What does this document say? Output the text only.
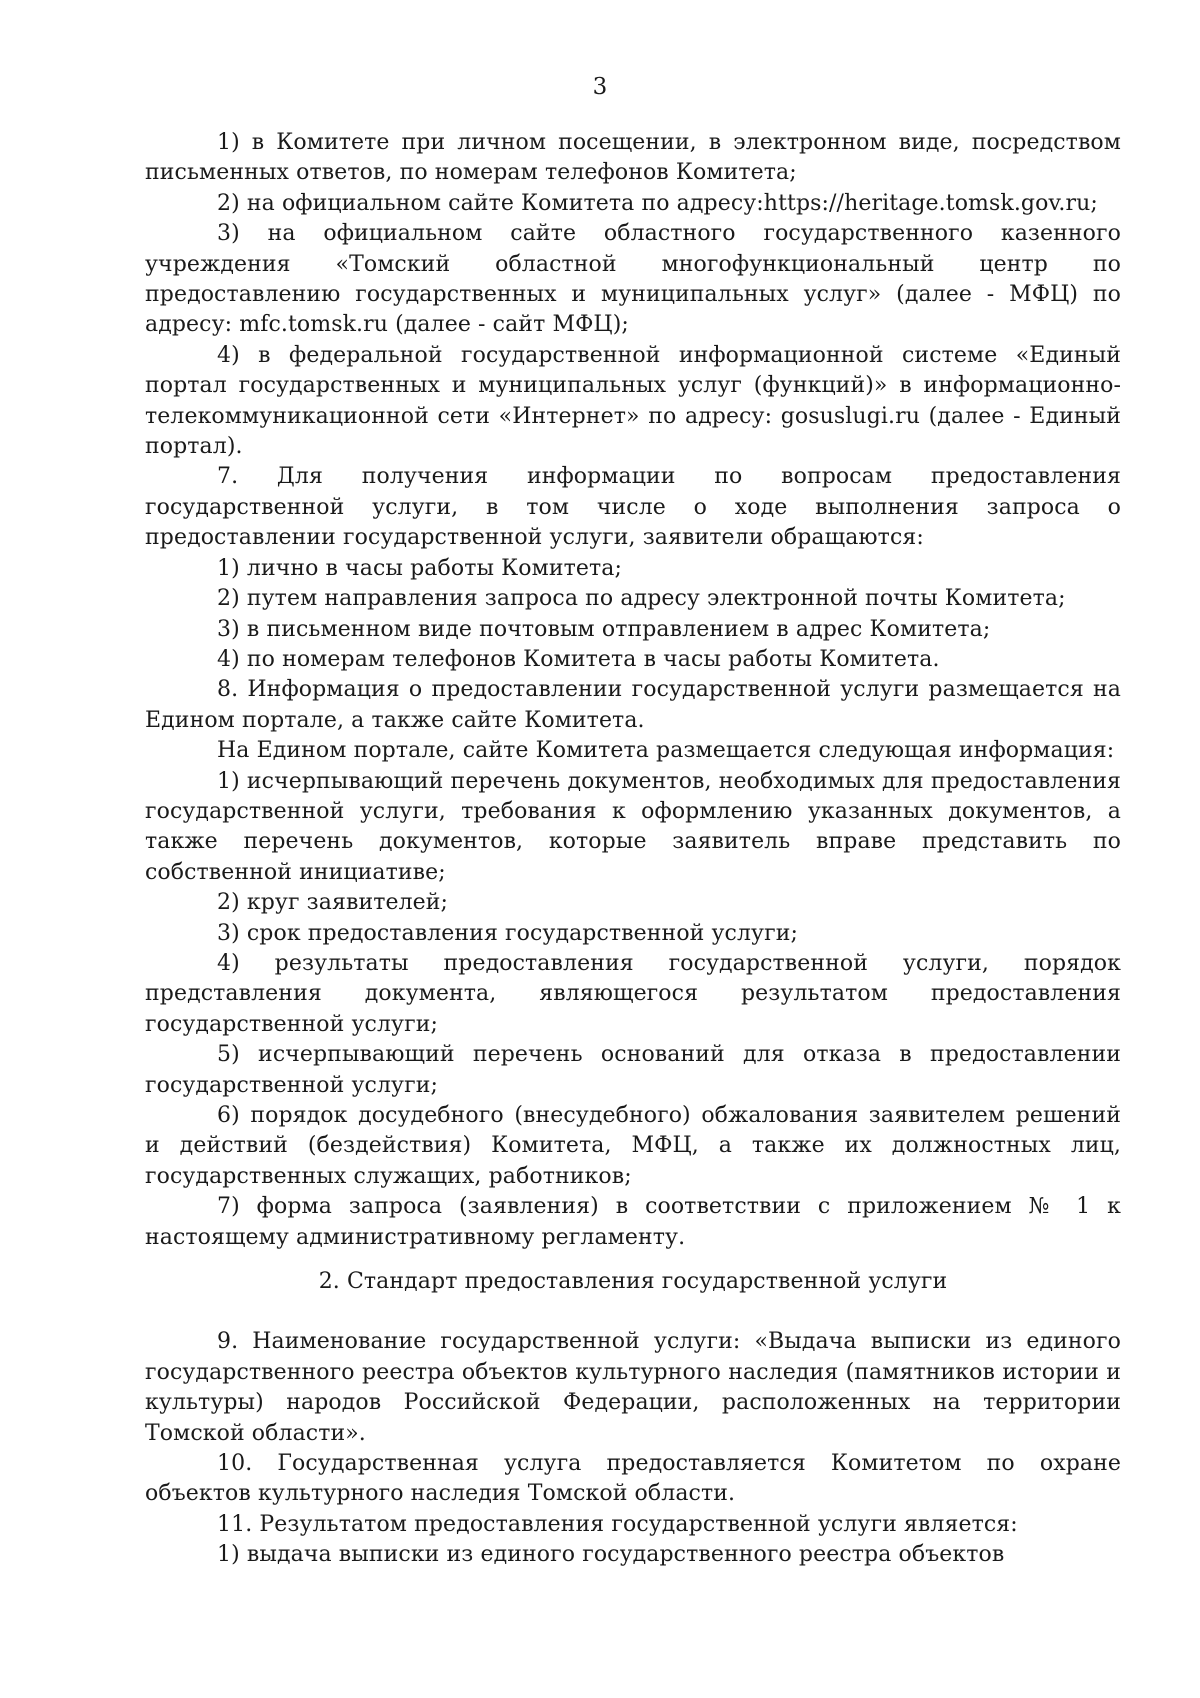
3

1) в Комитете при личном посещении, в электронном виде, посредством письменных ответов, по номерам телефонов Комитета;

2) на официальном сайте Комитета по адресу:https://heritage.tomsk.gov.ru;

3) на официальном сайте областного государственного казенного учреждения «Томский областной многофункциональный центр по предоставлению государственных и муниципальных услуг» (далее - МФЦ) по адресу: mfc.tomsk.ru (далее - сайт МФЦ);

4) в федеральной государственной информационной системе «Единый портал государственных и муниципальных услуг (функций)» в информационно-телекоммуникационной сети «Интернет» по адресу: gosuslugi.ru (далее - Единый портал).

7. Для получения информации по вопросам предоставления государственной услуги, в том числе о ходе выполнения запроса о предоставлении государственной услуги, заявители обращаются:

1) лично в часы работы Комитета;

2) путем направления запроса по адресу электронной почты Комитета;

3) в письменном виде почтовым отправлением в адрес Комитета;

4) по номерам телефонов Комитета в часы работы Комитета.

8. Информация о предоставлении государственной услуги размещается на Едином портале, а также сайте Комитета.

На Едином портале, сайте Комитета размещается следующая информация:

1) исчерпывающий перечень документов, необходимых для предоставления государственной услуги, требования к оформлению указанных документов, а также перечень документов, которые заявитель вправе представить по собственной инициативе;

2) круг заявителей;

3) срок предоставления государственной услуги;

4) результаты предоставления государственной услуги, порядок представления документа, являющегося результатом предоставления государственной услуги;

5) исчерпывающий перечень оснований для отказа в предоставлении государственной услуги;

6) порядок досудебного (внесудебного) обжалования заявителем решений и действий (бездействия) Комитета, МФЦ, а также их должностных лиц, государственных служащих, работников;

7) форма запроса (заявления) в соответствии с приложением № 1 к настоящему административному регламенту.

2. Стандарт предоставления государственной услуги

9. Наименование государственной услуги: «Выдача выписки из единого государственного реестра объектов культурного наследия (памятников истории и культуры) народов Российской Федерации, расположенных на территории Томской области».

10. Государственная услуга предоставляется Комитетом по охране объектов культурного наследия Томской области.

11. Результатом предоставления государственной услуги является:

1) выдача выписки из единого государственного реестра объектов
